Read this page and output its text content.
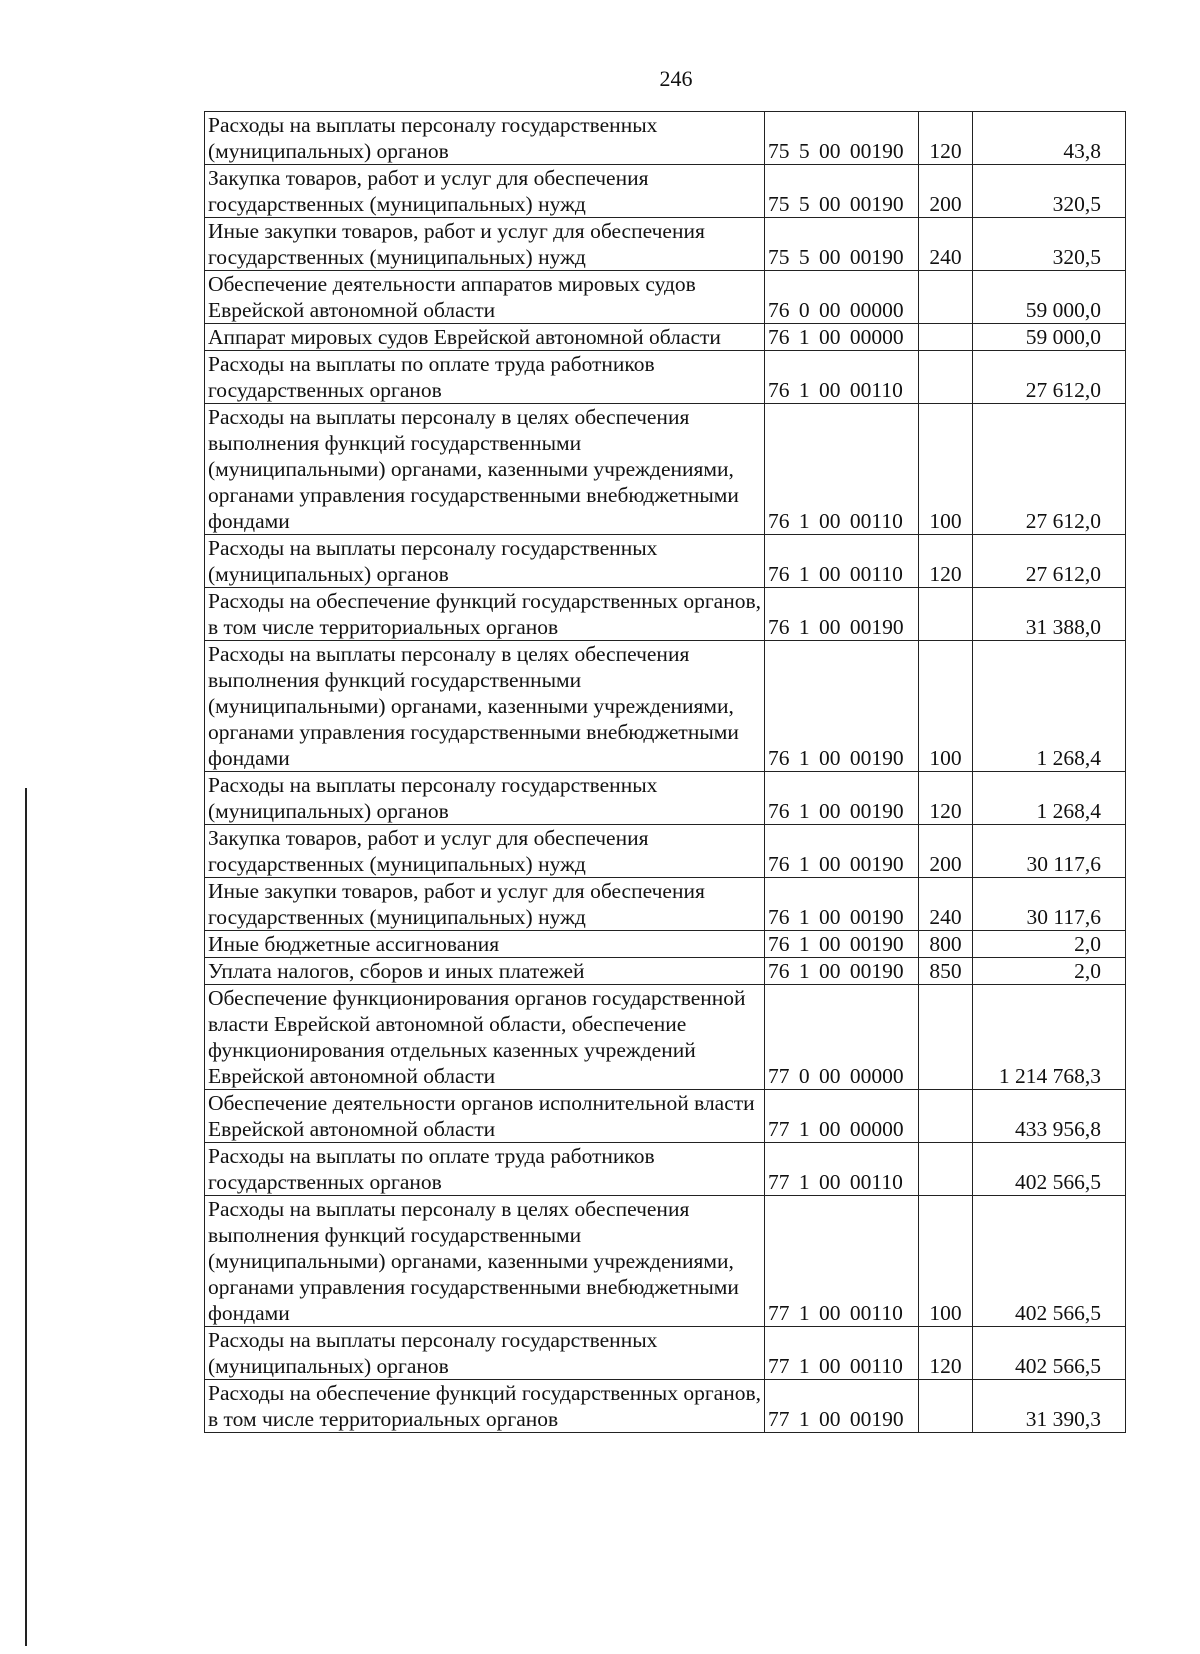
246
Расходы на выплаты персоналу государственных (муниципальных) органов	75 5 00 00190	120	43,8
Закупка товаров, работ и услуг для обеспечения государственных (муниципальных) нужд	75 5 00 00190	200	320,5
Иные закупки товаров, работ и услуг для обеспечения государственных (муниципальных) нужд	75 5 00 00190	240	320,5
Обеспечение деятельности аппаратов мировых судов Еврейской автономной области	76 0 00 00000		59 000,0
Аппарат мировых судов Еврейской автономной области	76 1 00 00000		59 000,0
Расходы на выплаты по оплате труда работников государственных органов	76 1 00 00110		27 612,0
Расходы на выплаты персоналу в целях обеспечения выполнения функций государственными (муниципальными) органами, казенными учреждениями, органами управления государственными внебюджетными фондами	76 1 00 00110	100	27 612,0
Расходы на выплаты персоналу государственных (муниципальных) органов	76 1 00 00110	120	27 612,0
Расходы на обеспечение функций государственных органов, в том числе территориальных органов	76 1 00 00190		31 388,0
Расходы на выплаты персоналу в целях обеспечения выполнения функций государственными (муниципальными) органами, казенными учреждениями, органами управления государственными внебюджетными фондами	76 1 00 00190	100	1 268,4
Расходы на выплаты персоналу государственных (муниципальных) органов	76 1 00 00190	120	1 268,4
Закупка товаров, работ и услуг для обеспечения государственных (муниципальных) нужд	76 1 00 00190	200	30 117,6
Иные закупки товаров, работ и услуг для обеспечения государственных (муниципальных) нужд	76 1 00 00190	240	30 117,6
Иные бюджетные ассигнования	76 1 00 00190	800	2,0
Уплата налогов, сборов и иных платежей	76 1 00 00190	850	2,0
Обеспечение функционирования органов государственной власти Еврейской автономной области, обеспечение функционирования отдельных казенных учреждений Еврейской автономной области	77 0 00 00000		1 214 768,3
Обеспечение деятельности органов исполнительной власти Еврейской автономной области	77 1 00 00000		433 956,8
Расходы на выплаты по оплате труда работников государственных органов	77 1 00 00110		402 566,5
Расходы на выплаты персоналу в целях обеспечения выполнения функций государственными (муниципальными) органами, казенными учреждениями, органами управления государственными внебюджетными фондами	77 1 00 00110	100	402 566,5
Расходы на выплаты персоналу государственных (муниципальных) органов	77 1 00 00110	120	402 566,5
Расходы на обеспечение функций государственных органов, в том числе территориальных органов	77 1 00 00190		31 390,3
